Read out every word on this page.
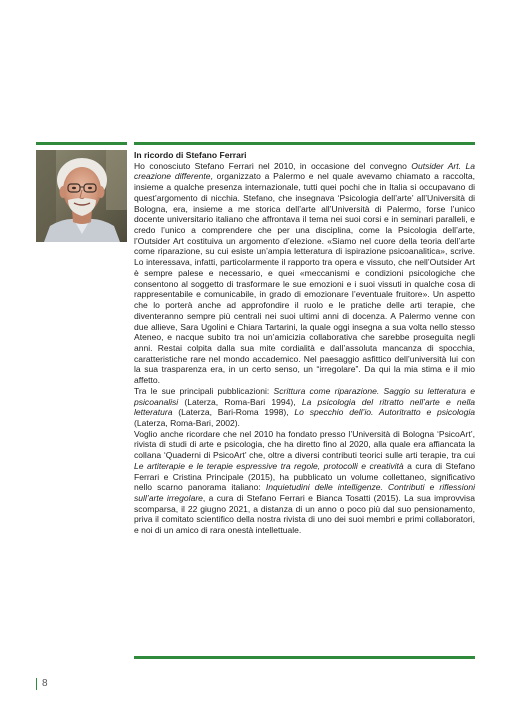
In ricordo di Stefano Ferrari

Ho conosciuto Stefano Ferrari nel 2010, in occasione del convegno Outsider Art. La creazione differente, organizzato a Palermo e nel quale avevamo chiamato a raccolta, insieme a qualche presenza internazionale, tutti quei pochi che in Italia si occupavano di quest’argomento di nicchia. Stefano, che insegnava ‘Psicologia dell’arte’ all’Università di Bologna, era, insieme a me storica dell’arte all’Università di Palermo, forse l’unico docente universitario italiano che affrontava il tema nei suoi corsi e in seminari paralleli, e credo l’unico a comprendere che per una disciplina, come la Psicologia dell’arte, l’Outsider Art costituiva un argomento d’elezione. «Siamo nel cuore della teoria dell’arte come riparazione, su cui esiste un’ampia letteratura di ispirazione psicoanalitica», scrive. Lo interessava, infatti, particolarmente il rapporto tra opera e vissuto, che nell’Outsider Art è sempre palese e necessario, e quei «meccanismi e condizioni psicologiche che consentono al soggetto di trasformare le sue emozioni e i suoi vissuti in qualche cosa di rappresentabile e comunicabile, in grado di emozionare l’eventuale fruitore». Un aspetto che lo porterà anche ad approfondire il ruolo e le pratiche delle arti terapie, che diventeranno sempre più centrali nei suoi ultimi anni di docenza. A Palermo venne con due allieve, Sara Ugolini e Chiara Tartarini, la quale oggi insegna a sua volta nello stesso Ateneo, e nacque subito tra noi un’amicizia collaborativa che sarebbe proseguita negli anni. Restai colpita dalla sua mite cordialità e dall’assoluta mancanza di spocchia, caratteristiche rare nel mondo accademico. Nel paesaggio asfittico dell’università lui con la sua trasparenza era, in un certo senso, un “irregolare”. Da qui la mia stima e il mio affetto.

Tra le sue principali pubblicazioni: Scrittura come riparazione. Saggio su letteratura e psicoanalisi (Laterza, Roma-Bari 1994), La psicologia del ritratto nell’arte e nella letteratura (Laterza, Bari-Roma 1998), Lo specchio dell’io. Autoritratto e psicologia (Laterza, Roma-Bari, 2002).

Voglio anche ricordare che nel 2010 ha fondato presso l’Università di Bologna ‘PsicoArt’, rivista di studi di arte e psicologia, che ha diretto fino al 2020, alla quale era affiancata la collana ‘Quaderni di PsicoArt’ che, oltre a diversi contributi teorici sulle arti terapie, tra cui Le artiterapie e le terapie espressive tra regole, protocolli e creatività a cura di Stefano Ferrari e Cristina Principale (2015), ha pubblicato un volume collettaneo, significativo nello scarno panorama italiano: Inquietudini delle intelligenze. Contributi e riflessioni sull’arte irregolare, a cura di Stefano Ferrari e Bianca Tosatti (2015). La sua improvvisa scomparsa, il 22 giugno 2021, a distanza di un anno o poco più dal suo pensionamento, priva il comitato scientifico della nostra rivista di uno dei suoi membri e primi collaboratori, e noi di un amico di rara onestà intellettuale.

8
